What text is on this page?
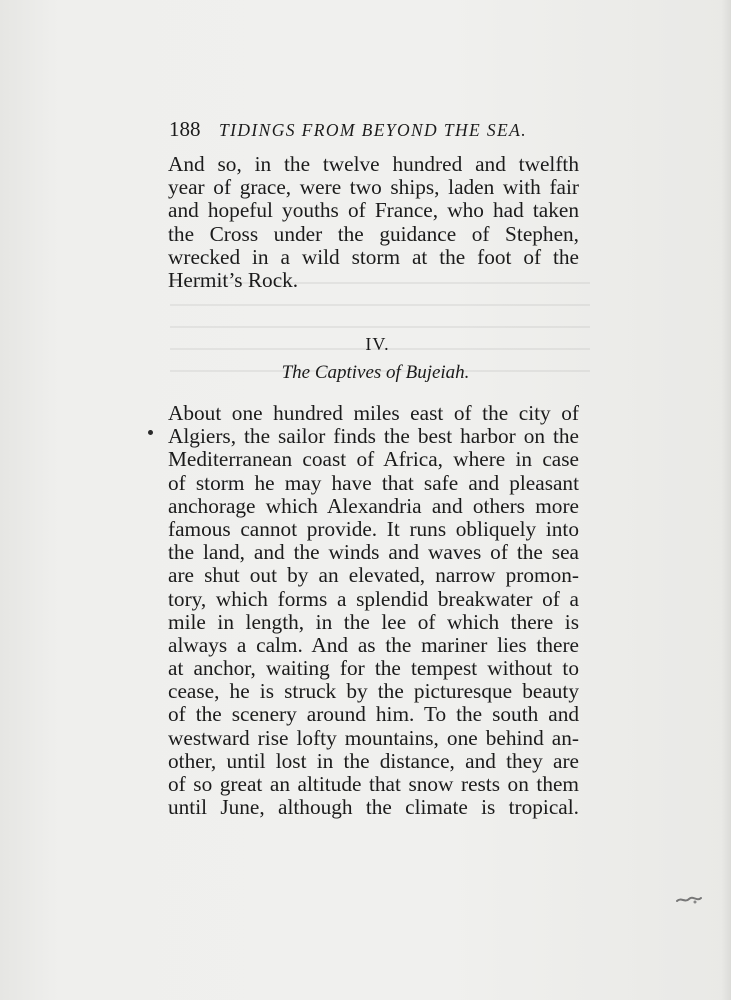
188 TIDINGS FROM BEYOND THE SEA.
And so, in the twelve hundred and twelfth
year of grace, were two ships, laden with fair
and hopeful youths of France, who had taken
the Cross under the guidance of Stephen,
wrecked in a wild storm at the foot of the
Hermit’s Rock.
IV.
The Captives of Bujeiah.
About one hundred miles east of the city of
Algiers, the sailor finds the best harbor on the
Mediterranean coast of Africa, where in case
of storm he may have that safe and pleasant
anchorage which Alexandria and others more
famous cannot provide. It runs obliquely into
the land, and the winds and waves of the sea
are shut out by an elevated, narrow promon-
tory, which forms a splendid breakwater of a
mile in length, in the lee of which there is
always a calm. And as the mariner lies there
at anchor, waiting for the tempest without to
cease, he is struck by the picturesque beauty
of the scenery around him. To the south and
westward rise lofty mountains, one behind an-
other, until lost in the distance, and they are
of so great an altitude that snow rests on them
until June, although the climate is tropical.
